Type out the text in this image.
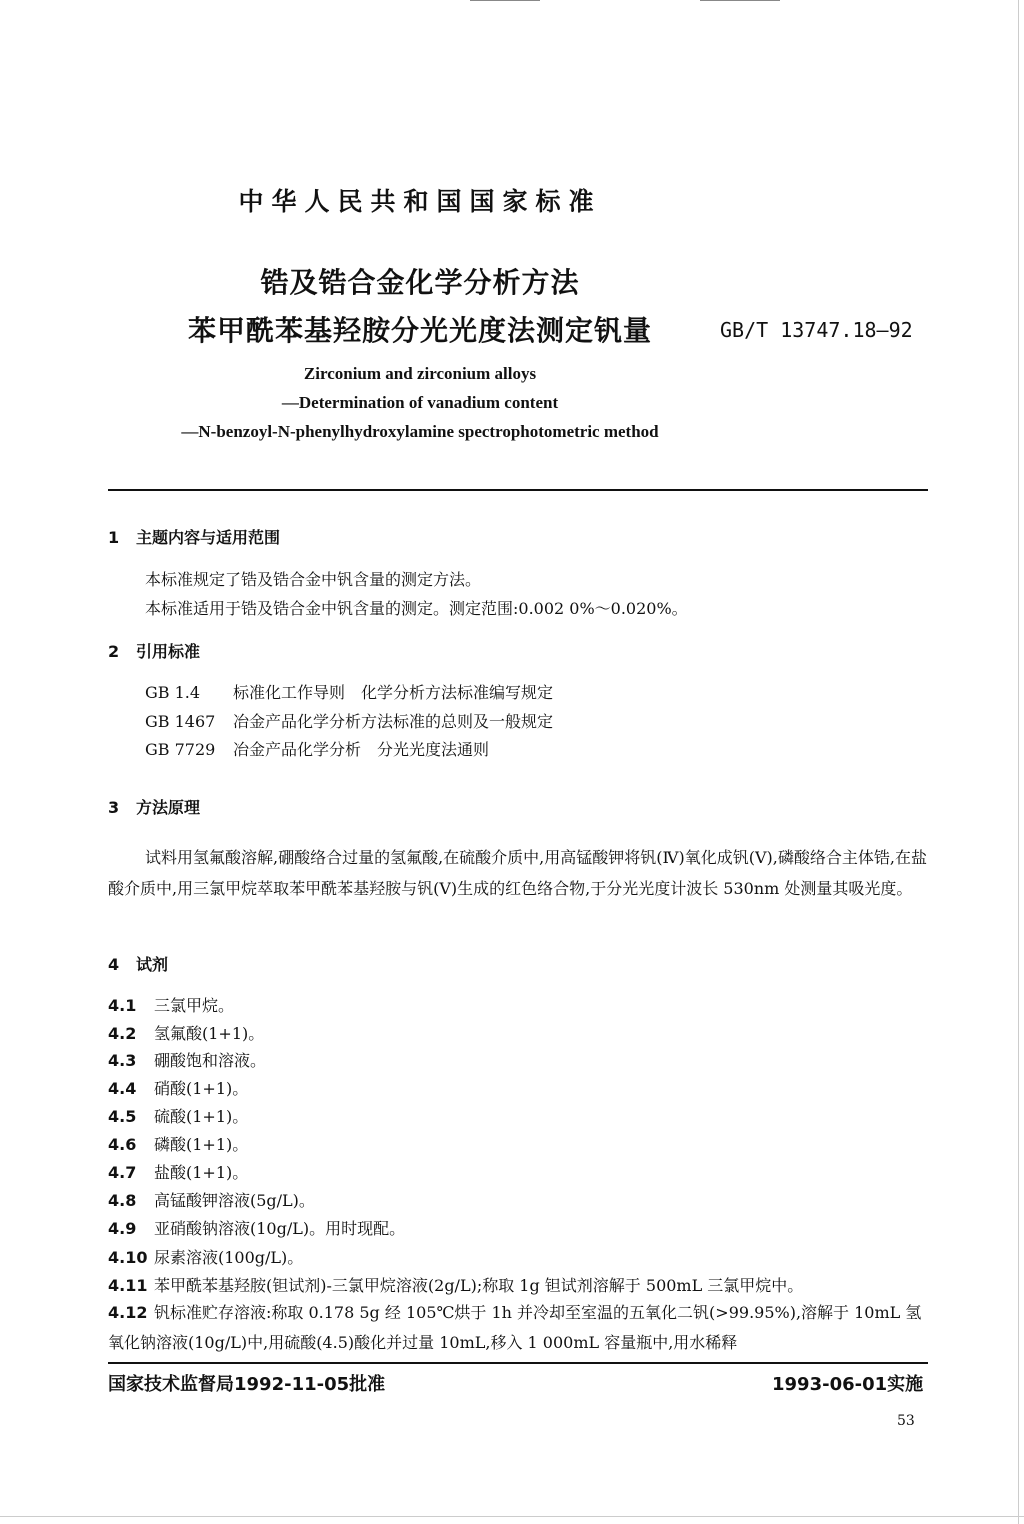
中华人民共和国国家标准
锆及锆合金化学分析方法
苯甲酰苯基羟胺分光光度法测定钒量	GB/T 13747.18—92
Zirconium and zirconium alloys
—Determination of vanadium content
—N-benzoyl-N-phenylhydroxylamine spectrophotometric method
1 主题内容与适用范围
本标准规定了锆及锆合金中钒含量的测定方法。
本标准适用于锆及锆合金中钒含量的测定。测定范围:0.002 0%～0.020%。
2 引用标准
GB 1.4 标准化工作导则 化学分析方法标准编写规定
GB 1467 冶金产品化学分析方法标准的总则及一般规定
GB 7729 冶金产品化学分析 分光光度法通则
3 方法原理
试料用氢氟酸溶解,硼酸络合过量的氢氟酸,在硫酸介质中,用高锰酸钾将钒(Ⅳ)氧化成钒(Ⅴ),磷酸络合主体锆,在盐酸介质中,用三氯甲烷萃取苯甲酰苯基羟胺与钒(Ⅴ)生成的红色络合物,于分光光度计波长 530nm 处测量其吸光度。
4 试剂
4.1 三氯甲烷。
4.2 氢氟酸(1+1)。
4.3 硼酸饱和溶液。
4.4 硝酸(1+1)。
4.5 硫酸(1+1)。
4.6 磷酸(1+1)。
4.7 盐酸(1+1)。
4.8 高锰酸钾溶液(5g/L)。
4.9 亚硝酸钠溶液(10g/L)。用时现配。
4.10 尿素溶液(100g/L)。
4.11 苯甲酰苯基羟胺(钽试剂)-三氯甲烷溶液(2g/L);称取 1g 钽试剂溶解于 500mL 三氯甲烷中。
4.12 钒标准贮存溶液:称取 0.178 5g 经 105℃烘于 1h 并冷却至室温的五氧化二钒(>99.95%),溶解于 10mL 氢氧化钠溶液(10g/L)中,用硫酸(4.5)酸化并过量 10mL,移入 1 000mL 容量瓶中,用水稀释
国家技术监督局1992-11-05批准	1993-06-01实施
53
